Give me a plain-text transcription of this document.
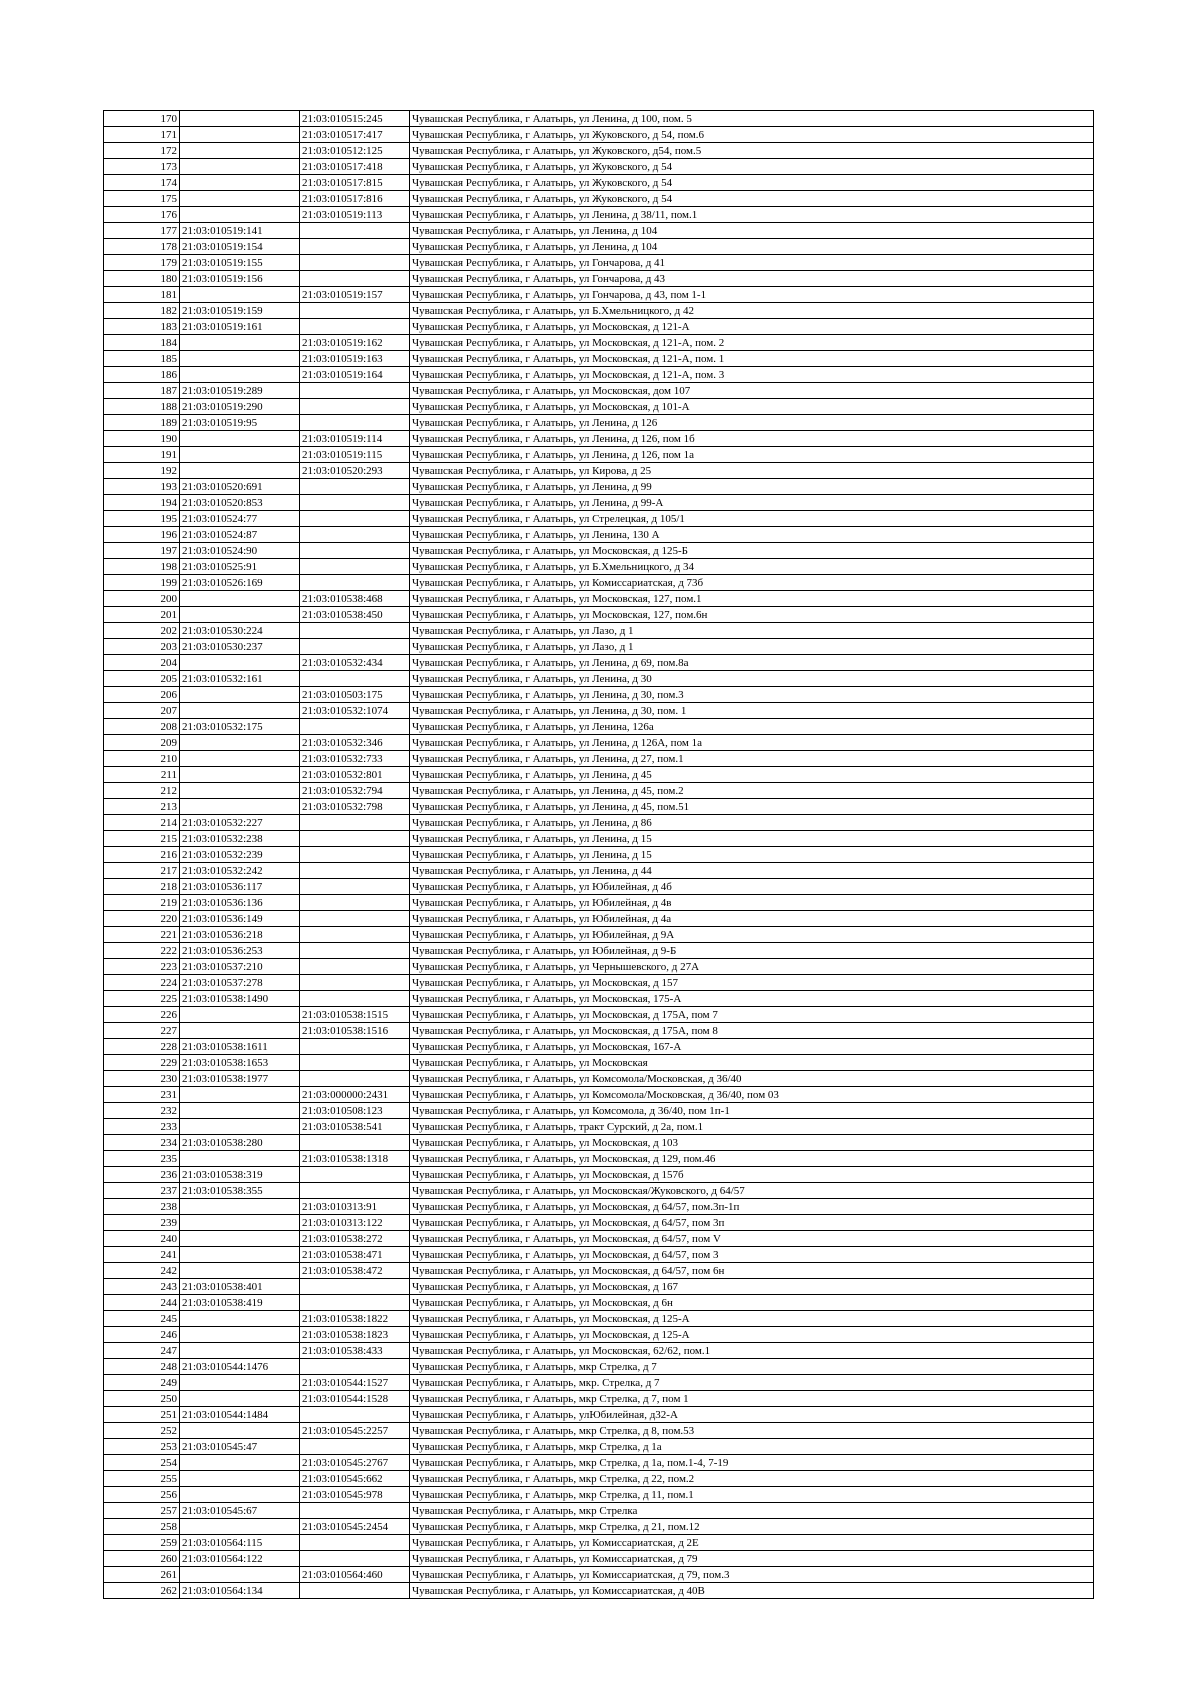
170		21:03:010515:245	Чувашская Республика, г Алатырь, ул Ленина, д 100, пом. 5
171		21:03:010517:417	Чувашская Республика, г Алатырь, ул Жуковского, д 54, пом.6
172		21:03:010512:125	Чувашская Республика, г Алатырь, ул Жуковского, д54, пом.5
173		21:03:010517:418	Чувашская Республика, г Алатырь, ул Жуковского, д 54
174		21:03:010517:815	Чувашская Республика, г Алатырь, ул Жуковского, д 54
175		21:03:010517:816	Чувашская Республика, г Алатырь, ул Жуковского, д 54
176		21:03:010519:113	Чувашская Республика, г Алатырь, ул Ленина, д 38/11, пом.1
177	21:03:010519:141		Чувашская Республика, г Алатырь, ул Ленина, д 104
178	21:03:010519:154		Чувашская Республика, г Алатырь, ул Ленина, д 104
179	21:03:010519:155		Чувашская Республика, г Алатырь, ул Гончарова, д 41
180	21:03:010519:156		Чувашская Республика, г Алатырь, ул Гончарова, д 43
181		21:03:010519:157	Чувашская Республика, г Алатырь, ул Гончарова, д 43, пом 1-1
182	21:03:010519:159		Чувашская Республика, г Алатырь, ул Б.Хмельницкого, д 42
183	21:03:010519:161		Чувашская Республика, г Алатырь, ул Московская, д 121-А
184		21:03:010519:162	Чувашская Республика, г Алатырь, ул Московская, д 121-А, пом. 2
185		21:03:010519:163	Чувашская Республика, г Алатырь, ул Московская, д 121-А, пом. 1
186		21:03:010519:164	Чувашская Республика, г Алатырь, ул Московская, д 121-А, пом. 3
187	21:03:010519:289		Чувашская Республика, г Алатырь, ул Московская, дом 107
188	21:03:010519:290		Чувашская Республика, г Алатырь, ул Московская, д 101-А
189	21:03:010519:95		Чувашская Республика, г Алатырь, ул Ленина, д 126
190		21:03:010519:114	Чувашская Республика, г Алатырь, ул Ленина, д 126, пом 1б
191		21:03:010519:115	Чувашская Республика, г Алатырь, ул Ленина, д 126, пом 1а
192		21:03:010520:293	Чувашская Республика, г Алатырь, ул Кирова, д 25
193	21:03:010520:691		Чувашская Республика, г Алатырь, ул Ленина, д 99
194	21:03:010520:853		Чувашская Республика, г Алатырь, ул Ленина, д 99-А
195	21:03:010524:77		Чувашская Республика, г Алатырь, ул Стрелецкая, д 105/1
196	21:03:010524:87		Чувашская Республика, г Алатырь, ул Ленина, 130 А
197	21:03:010524:90		Чувашская Республика, г Алатырь, ул Московская, д 125-Б
198	21:03:010525:91		Чувашская Республика, г Алатырь, ул Б.Хмельницкого, д 34
199	21:03:010526:169		Чувашская Республика, г Алатырь, ул Комиссариатская, д 73б
200		21:03:010538:468	Чувашская Республика, г Алатырь, ул Московская, 127, пом.1
201		21:03:010538:450	Чувашская Республика, г Алатырь, ул Московская, 127, пом.6н
202	21:03:010530:224		Чувашская Республика, г Алатырь, ул Лазо, д 1
203	21:03:010530:237		Чувашская Республика, г Алатырь, ул Лазо, д 1
204		21:03:010532:434	Чувашская Республика, г Алатырь, ул Ленина, д 69, пом.8а
205	21:03:010532:161		Чувашская Республика, г Алатырь, ул Ленина, д 30
206		21:03:010503:175	Чувашская Республика, г Алатырь, ул Ленина, д 30, пом.3
207		21:03:010532:1074	Чувашская Республика, г Алатырь, ул Ленина, д 30, пом. 1
208	21:03:010532:175		Чувашская Республика, г Алатырь, ул Ленина, 126а
209		21:03:010532:346	Чувашская Республика, г Алатырь, ул Ленина, д 126А, пом 1а
210		21:03:010532:733	Чувашская Республика, г Алатырь, ул Ленина, д 27, пом.1
211		21:03:010532:801	Чувашская Республика, г Алатырь, ул Ленина, д 45
212		21:03:010532:794	Чувашская Республика, г Алатырь, ул Ленина, д 45, пом.2
213		21:03:010532:798	Чувашская Республика, г Алатырь, ул Ленина, д 45, пом.51
214	21:03:010532:227		Чувашская Республика, г Алатырь, ул Ленина, д 86
215	21:03:010532:238		Чувашская Республика, г Алатырь, ул Ленина, д 15
216	21:03:010532:239		Чувашская Республика, г Алатырь, ул Ленина, д 15
217	21:03:010532:242		Чувашская Республика, г Алатырь, ул Ленина, д 44
218	21:03:010536:117		Чувашская Республика, г Алатырь, ул Юбилейная, д 4б
219	21:03:010536:136		Чувашская Республика, г Алатырь, ул Юбилейная, д 4в
220	21:03:010536:149		Чувашская Республика, г Алатырь, ул Юбилейная, д 4а
221	21:03:010536:218		Чувашская Республика, г Алатырь, ул Юбилейная, д 9А
222	21:03:010536:253		Чувашская Республика, г Алатырь, ул Юбилейная, д 9-Б
223	21:03:010537:210		Чувашская Республика, г Алатырь, ул Чернышевского, д 27А
224	21:03:010537:278		Чувашская Республика, г Алатырь, ул Московская, д 157
225	21:03:010538:1490		Чувашская Республика, г Алатырь, ул Московская, 175-А
226		21:03:010538:1515	Чувашская Республика, г Алатырь, ул Московская, д 175А, пом 7
227		21:03:010538:1516	Чувашская Республика, г Алатырь, ул Московская, д 175А, пом 8
228	21:03:010538:1611		Чувашская Республика, г Алатырь, ул Московская, 167-А
229	21:03:010538:1653		Чувашская Республика, г Алатырь, ул Московская
230	21:03:010538:1977		Чувашская Республика, г Алатырь, ул Комсомола/Московская, д 36/40
231		21:03:000000:2431	Чувашская Республика, г Алатырь, ул Комсомола/Московская, д 36/40, пом 03
232		21:03:010508:123	Чувашская Республика, г Алатырь, ул Комсомола, д 36/40, пом 1п-1
233		21:03:010538:541	Чувашская Республика, г Алатырь, тракт Сурский, д 2а, пом.1
234	21:03:010538:280		Чувашская Республика, г Алатырь, ул Московская, д 103
235		21:03:010538:1318	Чувашская Республика, г Алатырь, ул Московская, д 129, пом.46
236	21:03:010538:319		Чувашская Республика, г Алатырь, ул Московская, д 157б
237	21:03:010538:355		Чувашская Республика, г Алатырь, ул Московская/Жуковского, д 64/57
238		21:03:010313:91	Чувашская Республика, г Алатырь, ул Московская, д 64/57, пом.3п-1п
239		21:03:010313:122	Чувашская Республика, г Алатырь, ул Московская, д 64/57, пом 3п
240		21:03:010538:272	Чувашская Республика, г Алатырь, ул Московская, д 64/57, пом V
241		21:03:010538:471	Чувашская Республика, г Алатырь, ул Московская, д 64/57, пом 3
242		21:03:010538:472	Чувашская Республика, г Алатырь, ул Московская, д 64/57, пом 6н
243	21:03:010538:401		Чувашская Республика, г Алатырь, ул Московская, д 167
244	21:03:010538:419		Чувашская Республика, г Алатырь, ул Московская, д 6н
245		21:03:010538:1822	Чувашская Республика, г Алатырь, ул Московская, д 125-А
246		21:03:010538:1823	Чувашская Республика, г Алатырь, ул Московская, д 125-А
247		21:03:010538:433	Чувашская Республика, г Алатырь, ул Московская, 62/62, пом.1
248	21:03:010544:1476		Чувашская Республика, г Алатырь, мкр Стрелка, д 7
249		21:03:010544:1527	Чувашская Республика, г Алатырь, мкр. Стрелка, д 7
250		21:03:010544:1528	Чувашская Республика, г Алатырь, мкр Стрелка, д 7, пом 1
251	21:03:010544:1484		Чувашская Республика, г Алатырь, улЮбилейная, д32-А
252		21:03:010545:2257	Чувашская Республика, г Алатырь, мкр Стрелка, д 8, пом.53
253	21:03:010545:47		Чувашская Республика, г Алатырь, мкр Стрелка, д 1а
254		21:03:010545:2767	Чувашская Республика, г Алатырь, мкр Стрелка, д 1а, пом.1-4, 7-19
255		21:03:010545:662	Чувашская Республика, г Алатырь, мкр Стрелка, д 22, пом.2
256		21:03:010545:978	Чувашская Республика, г Алатырь, мкр Стрелка, д 11, пом.1
257	21:03:010545:67		Чувашская Республика, г Алатырь, мкр Стрелка
258		21:03:010545:2454	Чувашская Республика, г Алатырь, мкр Стрелка, д 21, пом.12
259	21:03:010564:115		Чувашская Республика, г Алатырь, ул Комиссариатская, д 2Е
260	21:03:010564:122		Чувашская Республика, г Алатырь, ул Комиссариатская, д 79
261		21:03:010564:460	Чувашская Республика, г Алатырь, ул Комиссариатская, д 79, пом.3
262	21:03:010564:134		Чувашская Республика, г Алатырь, ул Комиссариатская, д 40В
